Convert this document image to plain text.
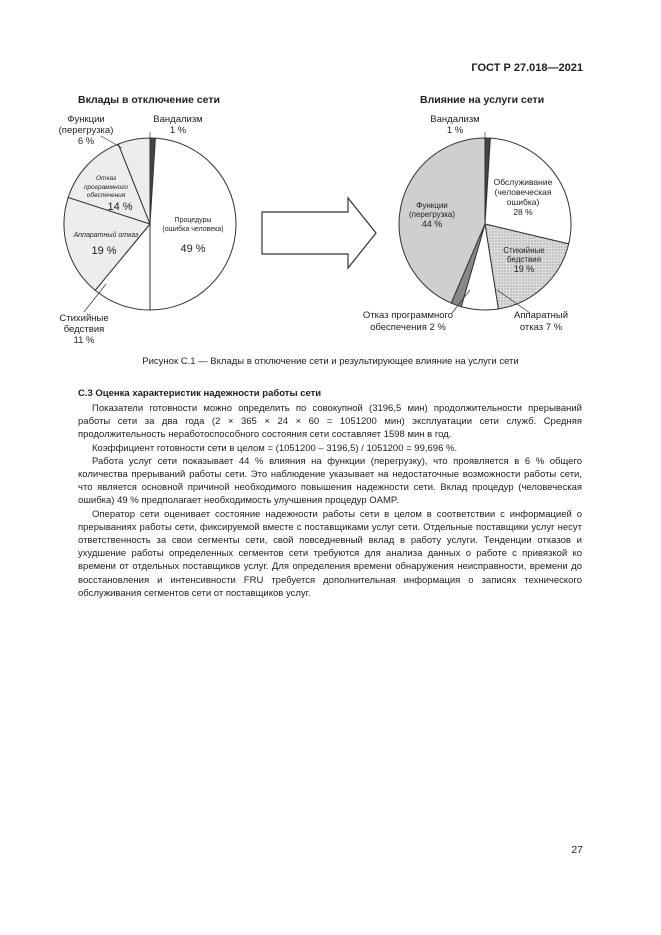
ГОСТ Р 27.018—2021
Вклады в отключение сети	Влияние на услуги сети
Вандализм
1 %
Функции
(перегрузка)
6 %
Отказ
программного
обеспечения
14 %
Аппаратный отказ
19 %
Процедуры
(ошибка человека)
49 %
Стихийные
бедствия
11 %
Вандализм
1 %
Функции
(перегрузка)
44 %
Обслуживание
(человеческая
ошибка)
28 %
Стихийные
бедствия
19 %
Отказ программного
обеспечения 2 %
Аппаратный
отказ 7 %
Рисунок С.1 — Вклады в отключение сети и результирующее влияние на услуги сети
С.3 Оценка характеристик надежности работы сети

Показатели готовности можно определить по совокупной (3196,5 мин) продолжительности прерываний работы сети за два года (2 × 365 × 24 × 60 = 1051200 мин) эксплуатации сети служб. Средняя продолжительность неработоспособного состояния сети составляет 1598 мин в год.

Коэффициент готовности сети в целом = (1051200 – 3196,5) / 1051200 = 99,696 %.

Работа услуг сети показывает 44 % влияния на функции (перегрузку), что проявляется в 6 % общего количества прерываний работы сети. Это наблюдение указывает на недостаточные возможности работы сети, что является основной причиной необходимого повышения надежности сети. Вклад процедур (человеческая ошибка) 49 % предполагает необходимость улучшения процедур OAMP.

Оператор сети оценивает состояние надежности работы сети в целом в соответствии с информацией о прерываниях работы сети, фиксируемой вместе с поставщиками услуг сети. Отдельные поставщики услуг несут ответственность за свои сегменты сети, свой повседневный вклад в работу услуги. Тенденции отказов и ухудшение работы определенных сегментов сети требуются для анализа данных о работе с привязкой ко времени от отдельных поставщиков услуг. Для определения времени обнаружения неисправности, времени до восстановления и интенсивности FRU требуется дополнительная информация о записях технического обслуживания сегментов сети от поставщиков услуг.

27
